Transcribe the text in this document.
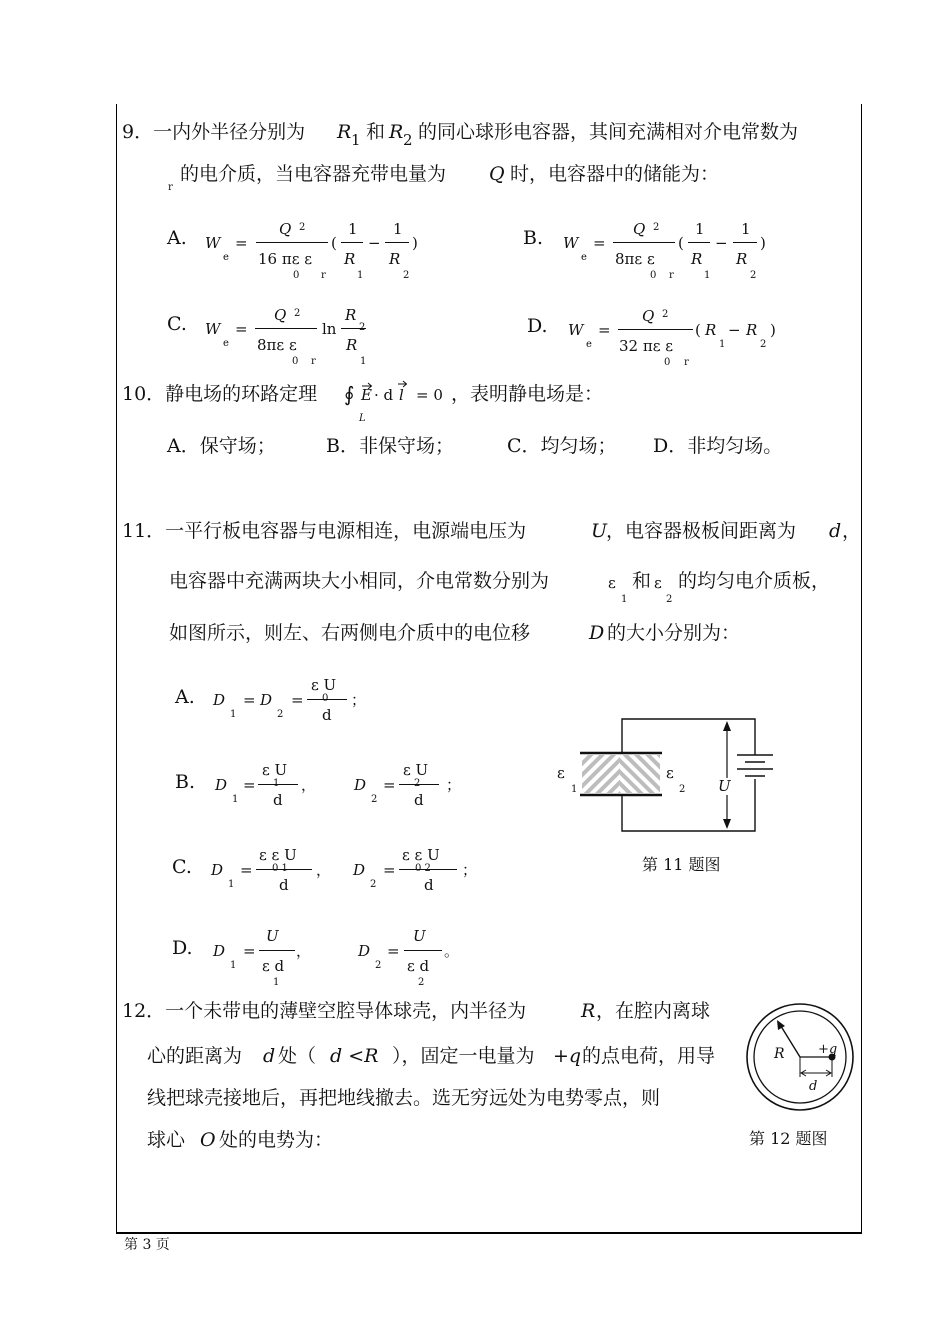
9．一内外半径分别为 R 1 和 R 2 的同心球形电容器，其间充满相对介电常数为
r
的电介质，当电容器充带电量为 Q 时，电容器中的储能为：
A. W
e
=
Q 2
16 πε ε
0 r
(
1
R
1
−
1
R
2
)	B. W
e
=
Q 2
8πε ε
0 r
(
1
R
1
−
1
R
2
)
C. W
e
=
Q 2
8πε ε
0 r
ln
R
2
R
1
D. W
e
=
Q 2
32 πε ε
0 r
( R
1
− R
2
)
10．静电场的环路定理 ∮ E · d l = 0
L
，表明静电场是：
A．保守场；	B．非保守场；	C．均匀场； D．非均匀场。
11．一平行板电容器与电源相连，电源端电压为	U
，电容器极板间距离为 d ，
电容器中充满两块大小相同，介电常数分别为	ε
1
和 ε
2
的均匀电介质板，
如图所示，则左、右两侧电介质中的电位移	D 的大小分别为：
A. D
1
= D
2
=
ε U
0
d
；
B. D
1
=
ε U
1
d
，	D
2
=
ε U
2
d
；
C. D
1
=
ε ε U
0 1
d
， D
2
=
ε ε U
0 2
d
；
D. D
1
=
U
ε d
1
，	D
2
=
U
ε d
2
。
ε
1
ε
2 U
第 11 题图
12．一个未带电的薄壁空腔导体球壳，内半径为	R ，在腔内离球
心的距离为 d 处（ d <R ），固定一电量为 +q 的点电荷，用导
线把球壳接地后，再把地线撤去。选无穷远处为电势零点，则
球心 O 处的电势为：
R	+q
d
第 12 题图
第 3 页
